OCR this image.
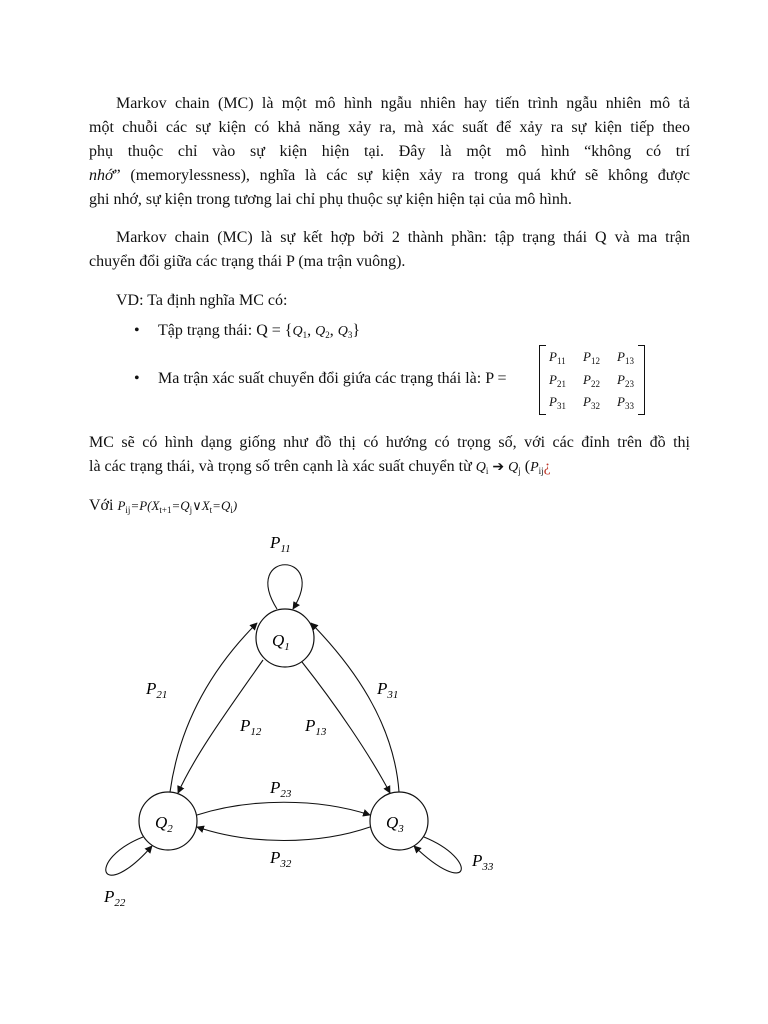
Markov chain (MC) là một mô hình ngẫu nhiên hay tiến trình ngẫu nhiên mô tả
một chuỗi các sự kiện có khả năng xảy ra, mà xác suất để xảy ra sự kiện tiếp theo
phụ thuộc chỉ vào sự kiện hiện tại. Đây là một mô hình “không có trí
nhớ” (memorylessness), nghĩa là các sự kiện xảy ra trong quá khứ sẽ không được
ghi nhớ, sự kiện trong tương lai chỉ phụ thuộc sự kiện hiện tại của mô hình.
Markov chain (MC) là sự kết hợp bởi 2 thành phần: tập trạng thái Q và ma trận
chuyển đổi giữa các trạng thái P (ma trận vuông).
VD: Ta định nghĩa MC có:
• Tập trạng thái: $Q = \{Q_1$, $Q_2$, $Q_3$}
• Ma trận xác suất chuyển đổi giứa các trạng thái là: P =
$P_{11}$	$P_{12}$	$P_{13}$
$P_{21}$	$P_{22}$	$P_{23}$
$P_{31}$	$P_{32}$	$P_{33}$
MC sẽ có hình dạng giống như đồ thị có hướng có trọng số, với các đỉnh trên đồ thị
là các trạng thái, và trọng số trên cạnh là xác suất chuyển từ $Q_i$ ➔ $Q_j$ ($P_{ij}¿$
Với $P_{ij}=P(X_{t+1}=Q_j\vee X_t=Q_i)$
$Q_1$
$Q_2$	$Q_3$
$P_{11}$
$P_{21}$
$P_{12}$	$P_{13}$
$P_{31}$
$P_{23}$
$P_{32}$
$P_{22}$
$P_{33}$
